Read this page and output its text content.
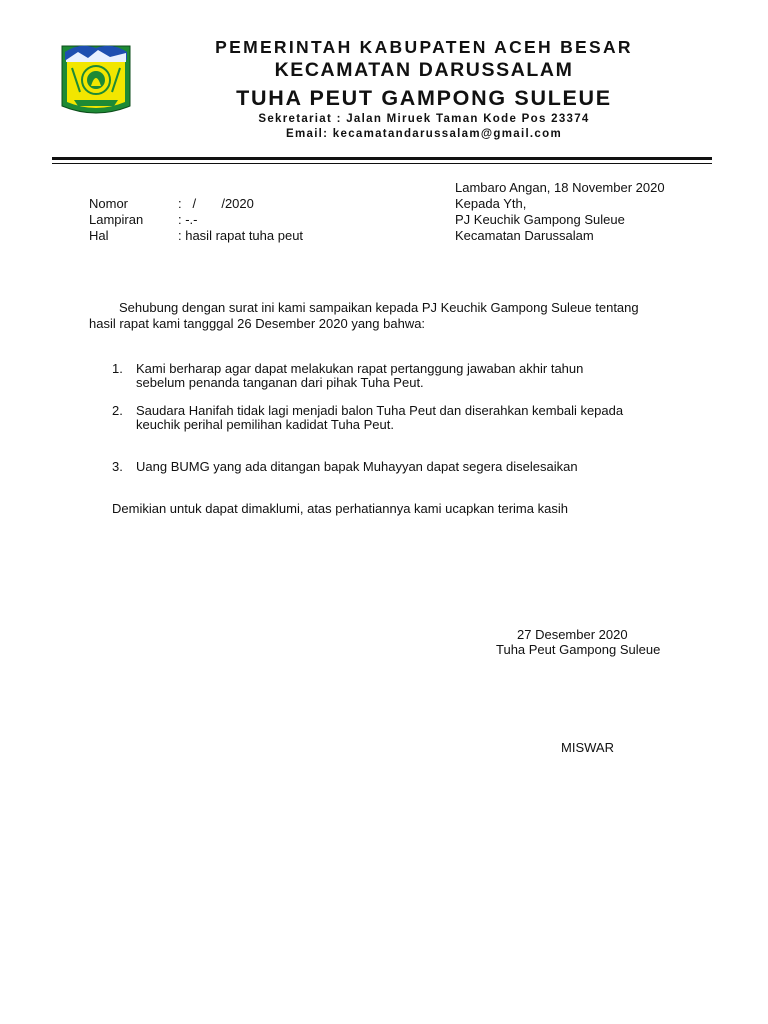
PEMERINTAH KABUPATEN ACEH BESAR
KECAMATAN DARUSSALAM
TUHA PEUT GAMPONG SULEUE
Sekretariat : Jalan Miruek Taman Kode Pos 23374
Email: kecamatandarussalam@gmail.com
Lambaro Angan, 18 November 2020
Nomor	:   /       /2020
Lampiran	: -.-
Hal	: hasil rapat tuha peut
Kepada Yth,
PJ Keuchik Gampong Suleue
Kecamatan Darussalam
Sehubung dengan surat ini kami sampaikan kepada PJ Keuchik Gampong Suleue tentang
hasil rapat kami tangggal 26 Desember 2020 yang bahwa:
1. Kami berharap agar dapat melakukan rapat pertanggung jawaban akhir tahun
sebelum penanda tanganan dari pihak Tuha Peut.
2. Saudara Hanifah tidak lagi menjadi balon Tuha Peut dan diserahkan kembali kepada
keuchik perihal pemilihan kadidat Tuha Peut.
3. Uang BUMG yang ada ditangan bapak Muhayyan dapat segera diselesaikan
Demikian untuk dapat dimaklumi, atas perhatiannya kami ucapkan terima kasih
27 Desember 2020
Tuha Peut Gampong Suleue
MISWAR
